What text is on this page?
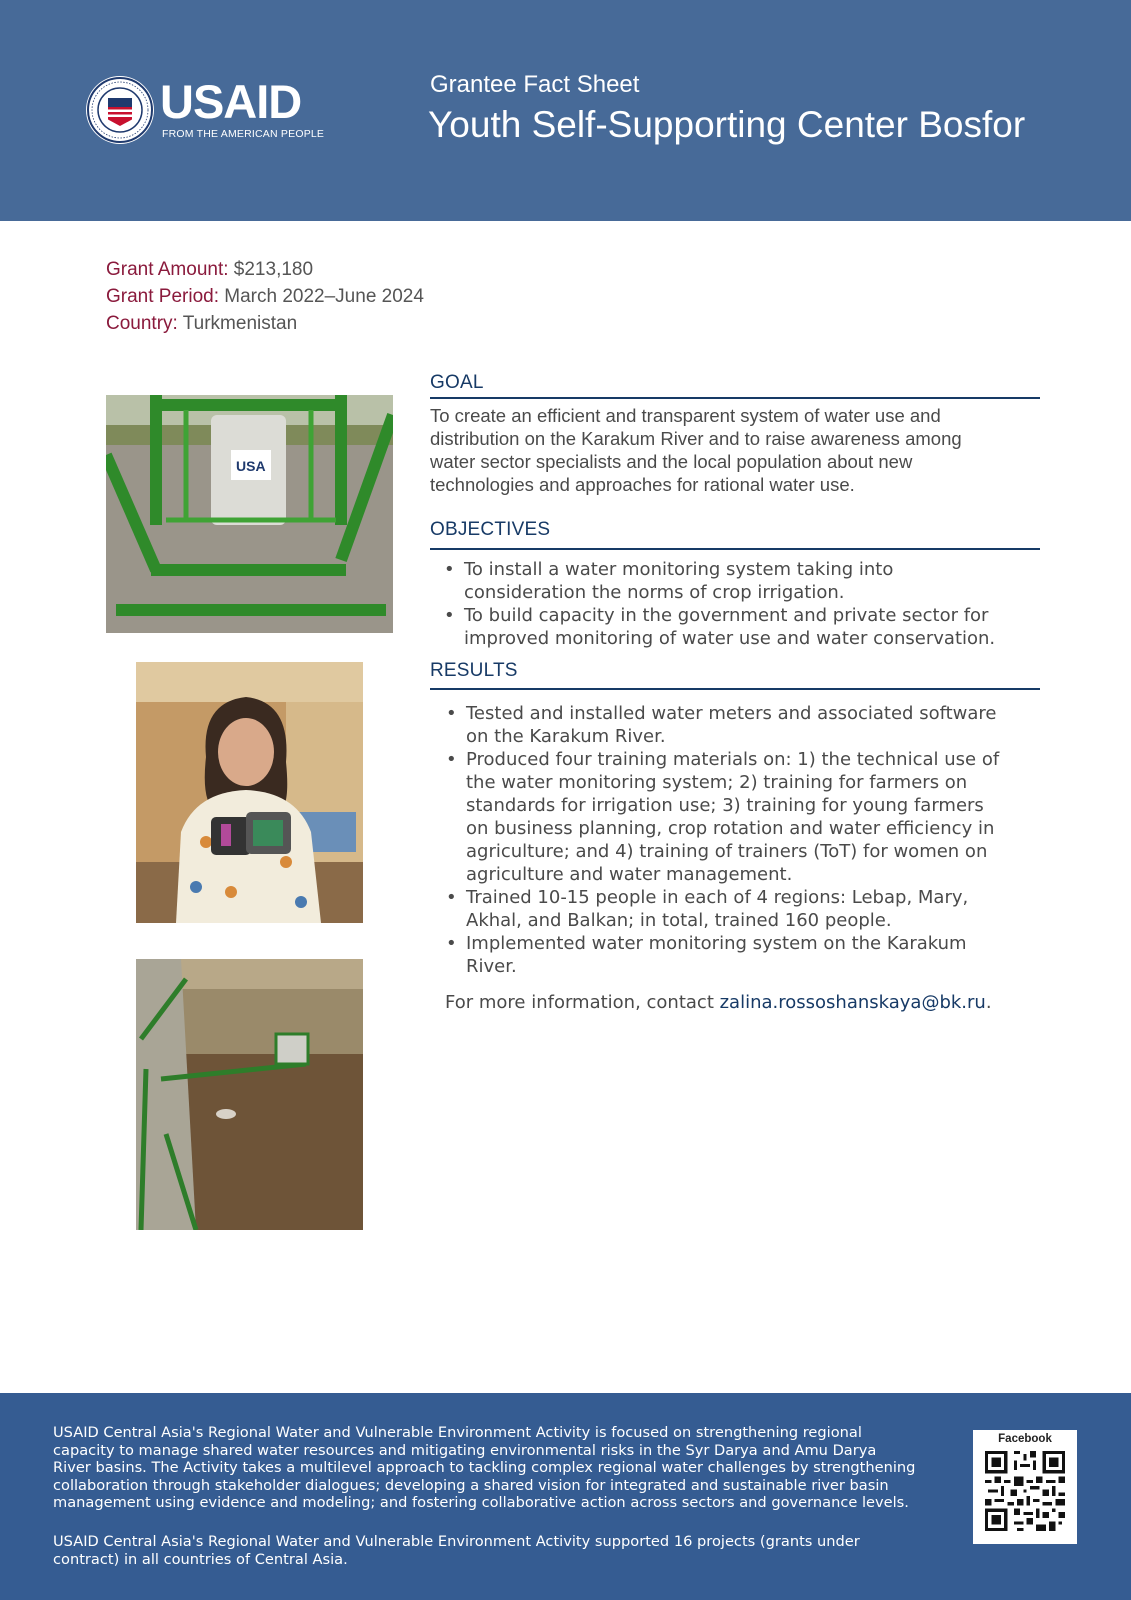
USAID
FROM THE AMERICAN PEOPLE
Grantee Fact Sheet
Youth Self-Supporting Center Bosfor
Grant Amount: $213,180
Grant Period: March 2022–June 2024
Country: Turkmenistan
USA
GOAL
To create an efficient and transparent system of water use and
distribution on the Karakum River and to raise awareness among
water sector specialists and the local population about new
technologies and approaches for rational water use.
OBJECTIVES
• To install a water monitoring system taking into
consideration the norms of crop irrigation.
• To build capacity in the government and private sector for
improved monitoring of water use and water conservation.
RESULTS
• Tested and installed water meters and associated software
on the Karakum River.
• Produced four training materials on: 1) the technical use of
the water monitoring system; 2) training for farmers on
standards for irrigation use; 3) training for young farmers
on business planning, crop rotation and water efficiency in
agriculture; and 4) training of trainers (ToT) for women on
agriculture and water management.
• Trained 10-15 people in each of 4 regions: Lebap, Mary,
Akhal, and Balkan; in total, trained 160 people.
• Implemented water monitoring system on the Karakum
River.
For more information, contact zalina.rossoshanskaya@bk.ru.
USAID Central Asia's Regional Water and Vulnerable Environment Activity is focused on strengthening regional
capacity to manage shared water resources and mitigating environmental risks in the Syr Darya and Amu Darya
River basins. The Activity takes a multilevel approach to tackling complex regional water challenges by strengthening
collaboration through stakeholder dialogues; developing a shared vision for integrated and sustainable river basin
management using evidence and modeling; and fostering collaborative action across sectors and governance levels.
USAID Central Asia's Regional Water and Vulnerable Environment Activity supported 16 projects (grants under
contract) in all countries of Central Asia.
Facebook
